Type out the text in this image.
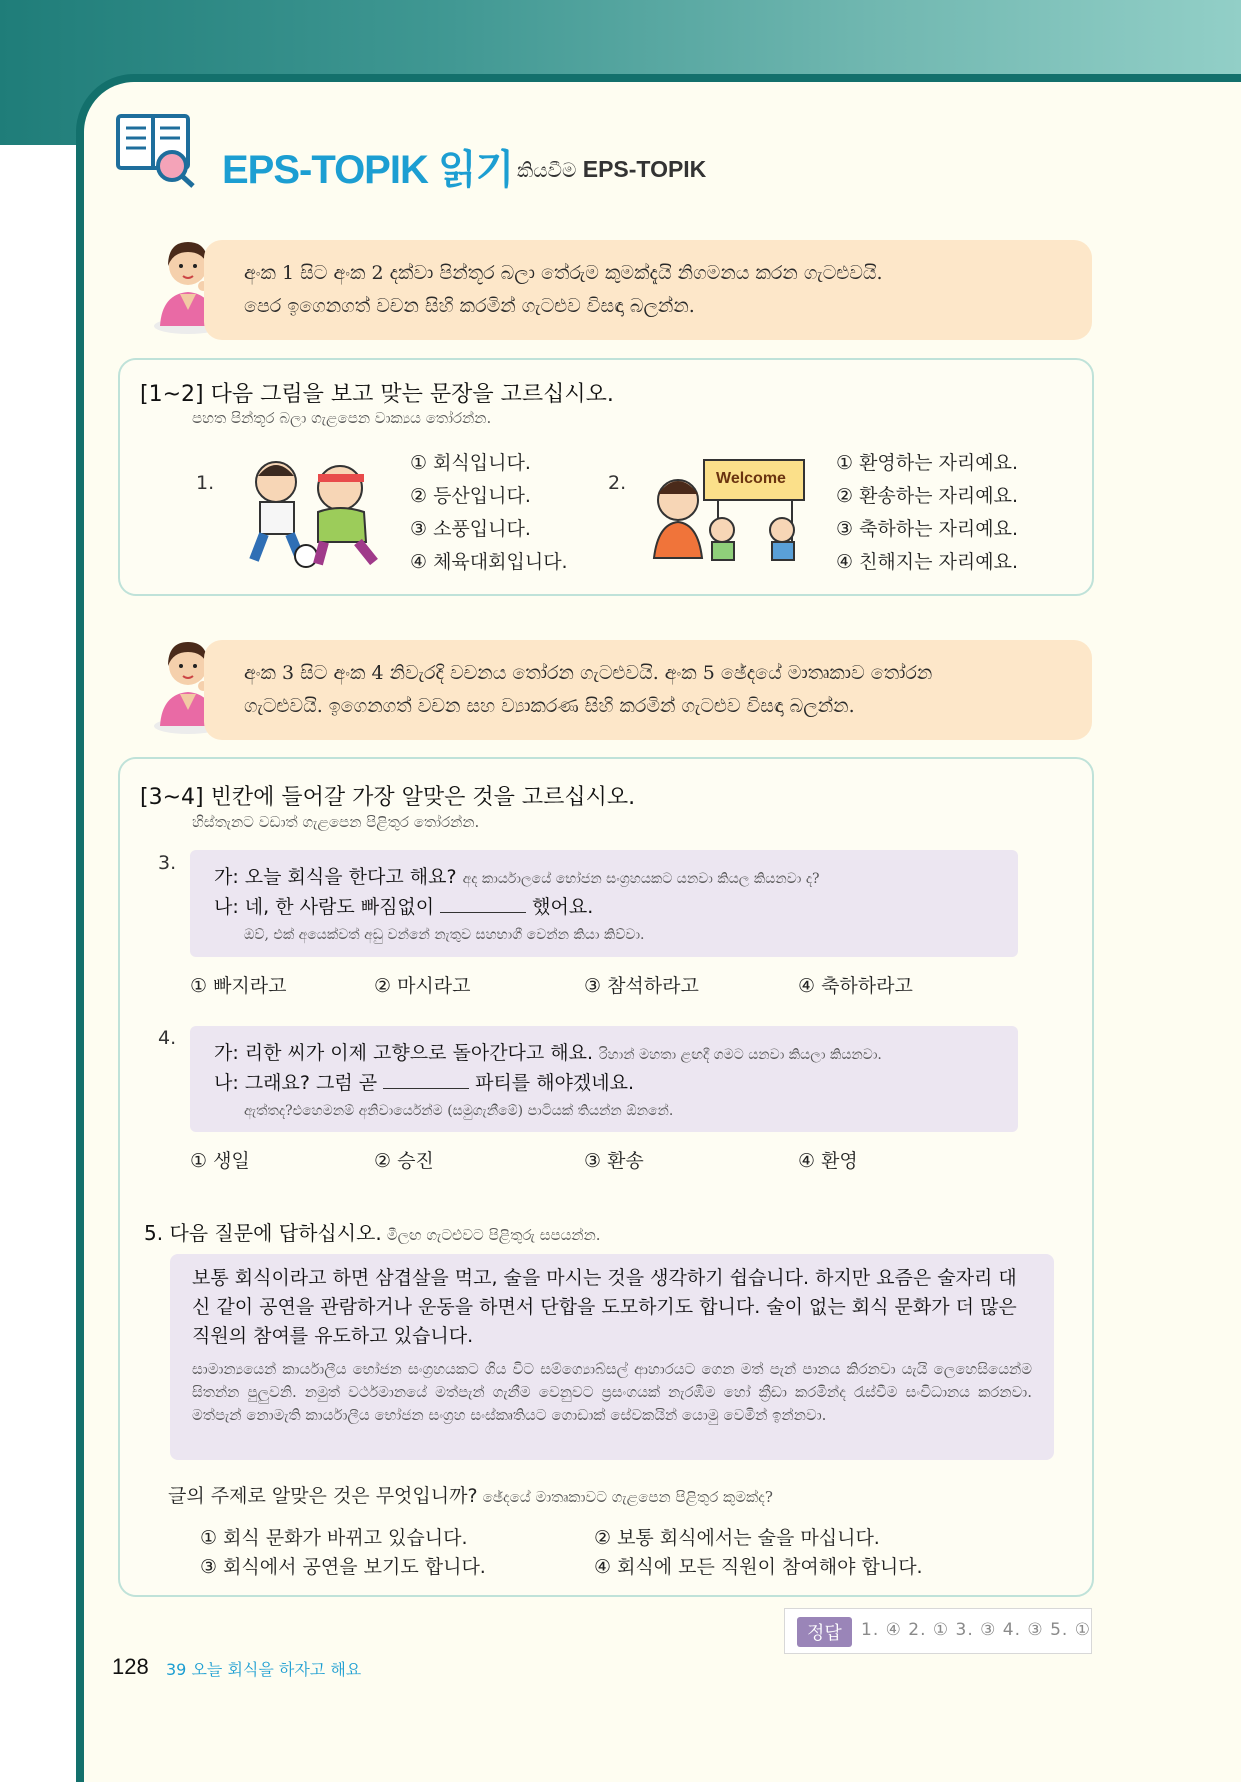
EPS-TOPIK 읽기 කියවීම EPS-TOPIK
අංක 1 සිට අංක 2 දක්වා පින්තූර බලා තේරුම කුමක්දැයි නිගමනය කරන ගැටළුවයි.
පෙර ඉගෙනගත් වචන සිහි කරමින් ගැටළුව විසඳා බලන්න.
[1~2] 다음 그림을 보고 맞는 문장을 고르십시오.
පහත පින්තූර බලා ගැළපෙන වාක්‍යය තෝරන්න.
1.
① 회식입니다.
② 등산입니다.
③ 소풍입니다.
④ 체육대회입니다.
2.	Welcome
① 환영하는 자리예요.
② 환송하는 자리예요.
③ 축하하는 자리예요.
④ 친해지는 자리예요.
අංක 3 සිට අංක 4 නිවැරදි වචනය තෝරන ගැටළුවයි. අංක 5 ඡේදයේ මාතෘකාව තෝරන
ගැටළුවයි. ඉගෙනගත් වචන සහ ව්‍යාකරණ සිහි කරමින් ගැටළුව විසඳා බලන්න.
[3~4] 빈칸에 들어갈 가장 알맞은 것을 고르십시오.
හිස්තැනට වඩාත් ගැළපෙන පිළිතුර තෝරන්න.
3.
가: 오늘 회식을 한다고 해요? අද කාර්යාලයේ භෝජන සංග්‍රහයකට යනවා කියල කියනවා ද?
나: 네, 한 사람도 빠짐없이	했어요.
ඔව්, එක් අයෙක්වත් අඩු වන්නේ නැතුව සහභාගී වෙන්න කියා කිව්වා.
① 빠지라고	② 마시라고	③ 참석하라고	④ 축하하라고
4.
가: 리한 씨가 이제 고향으로 돌아간다고 해요. රිහාන් මහතා ළඟදී ගමට යනවා කියලා කියනවා.
나: 그래요? 그럼 곧	파티를 해야겠네요.
ඇත්තද?එහෙමනම් අනිවාර්යෙන්ම (සමුගැනීමේ) පාටියක් තියන්න ඕනනේ.
① 생일	② 승진	③ 환송	④ 환영
5. 다음 질문에 답하십시오. මීලඟ ගැටළුවට පිළිතුරු සපයන්න.
보통 회식이라고 하면 삼겹살을 먹고, 술을 마시는 것을 생각하기 쉽습니다. 하지만 요즘은 술자리 대신 같이 공연을 관람하거나 운동을 하면서 단합을 도모하기도 합니다. 술이 없는 회식 문화가 더 많은 직원의 참여를 유도하고 있습니다.
සාමාන්‍යයෙන් කාර්යාලීය භෝජන සංග්‍රහයකට ගිය විට සම්ග්‍යොබ්සල් ආහාරයට ගෙන මත් පැන් පානය කිරනවා යැයි ලෙහෙසියෙන්ම සිතන්න පුලුවනි. නමුත් වර්ථමානයේ මත්පැන් ගැනීම වෙනුවට ප්‍රසංගයක් නැරඹීම හෝ ක්‍රීඩා කරමින්ද රැස්වීම සංවිධානය කරනවා. මත්පැන් නොමැති කාර්යාලීය භෝජන සංග්‍රහ සංස්කෘතියට ගොඩාක් සේවකයින් යොමු වෙමින් ඉන්නවා.
글의 주제로 알맞은 것은 무엇입니까? ඡේදයේ මාතෘකාවට ගැළපෙන පිළිතුර කුමක්ද?
① 회식 문화가 바뀌고 있습니다.	② 보통 회식에서는 술을 마십니다.
③ 회식에서 공연을 보기도 합니다.	④ 회식에 모든 직원이 참여해야 합니다.
정답	1. ④ 2. ① 3. ③ 4. ③ 5. ①
128 39 오늘 회식을 하자고 해요
